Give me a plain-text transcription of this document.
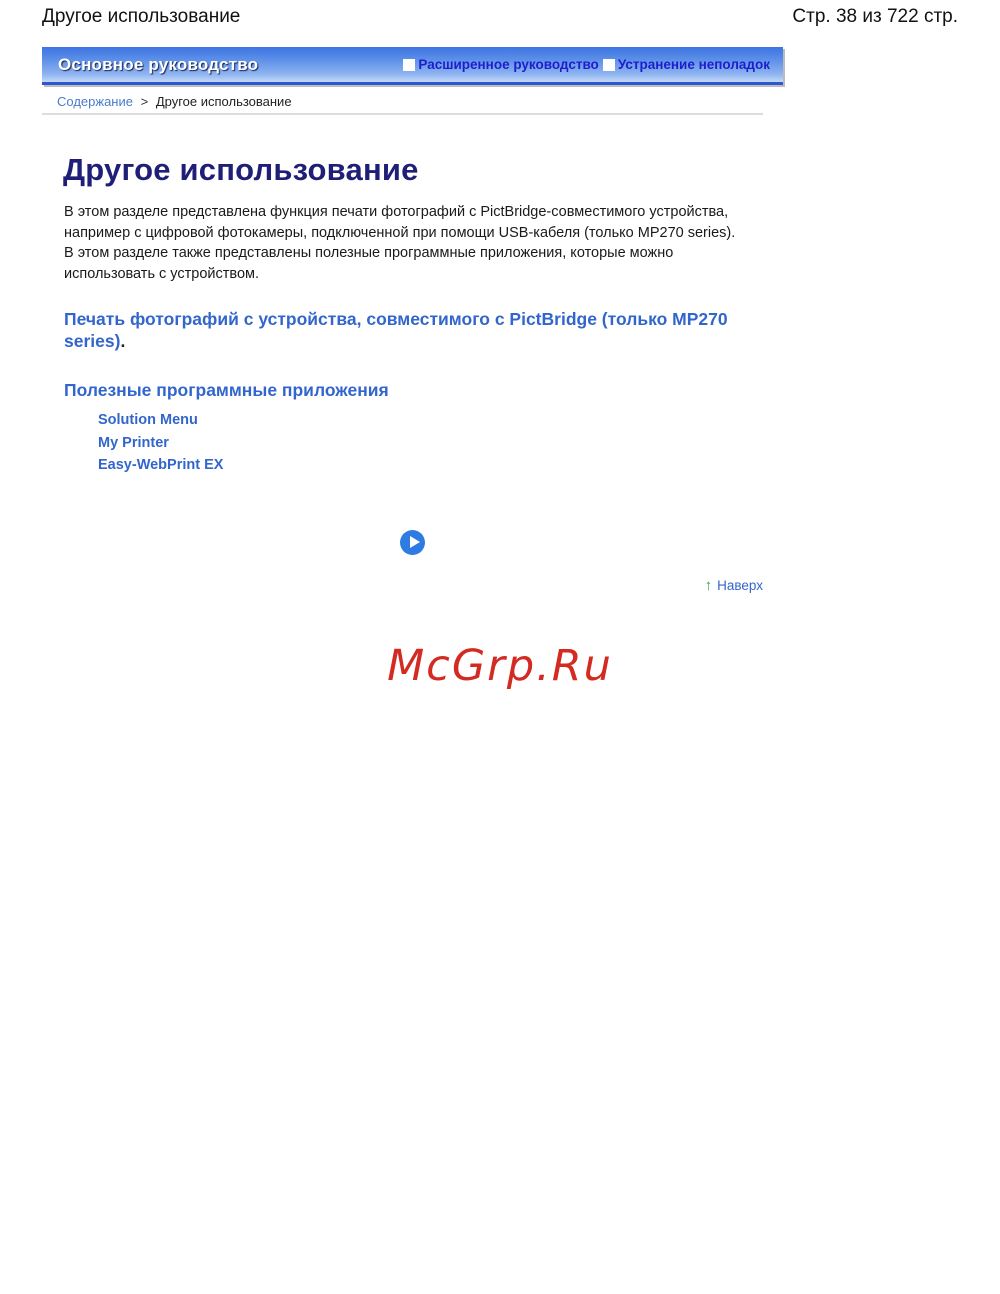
Другое использование	Стр. 38 из 722 стр.
Основное руководство	Расширенное руководство Устранение неполадок
Содержание > Другое использование
Другое использование

В этом разделе представлена функция печати фотографий с PictBridge-совместимого устройства, например с цифровой фотокамеры, подключенной при помощи USB-кабеля (только MP270 series).

В этом разделе также представлены полезные программные приложения, которые можно использовать с устройством.

Печать фотографий с устройства, совместимого с PictBridge (только MP270 series).
Полезные программные приложения
Solution Menu
My Printer
Easy-WebPrint EX
↑ Наверх
McGrp.Ru
